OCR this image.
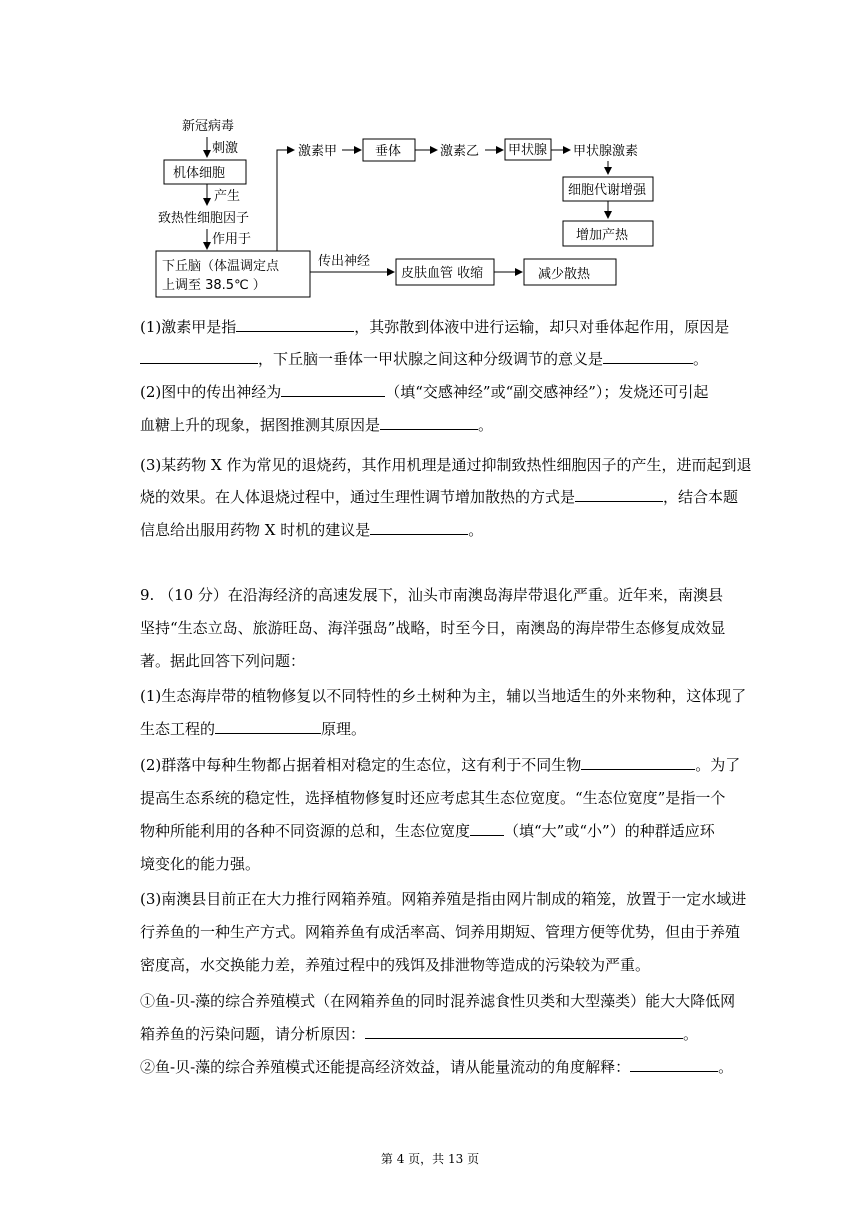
新冠病毒
刺激
机体细胞
产生
致热性细胞因子
作用于
下丘脑（体温调定点
上调至 38.5℃ ）
激素甲	垂体	激素乙 甲状腺 甲状腺激素
细胞代谢增强
增加产热
传出神经
皮肤血管 收缩	减少散热
(1)激素甲是指	，其弥散到体液中进行运输，却只对垂体起作用，原因是
，下丘脑一垂体一甲状腺之间这种分级调节的意义是	。
(2)图中的传出神经为	（填“交感神经”或“副交感神经”）；发烧还可引起
血糖上升的现象，据图推测其原因是	。
(3)某药物 X 作为常见的退烧药，其作用机理是通过抑制致热性细胞因子的产生，进而起到退
烧的效果。在人体退烧过程中，通过生理性调节增加散热的方式是	，结合本题
信息给出服用药物 X 时机的建议是	。
9. （10 分）在沿海经济的高速发展下，汕头市南澳岛海岸带退化严重。近年来，南澳县
坚持“生态立岛、旅游旺岛、海洋强岛”战略，时至今日，南澳岛的海岸带生态修复成效显
著。据此回答下列问题：
(1)生态海岸带的植物修复以不同特性的乡土树种为主，辅以当地适生的外来物种，这体现了
生态工程的	原理。
(2)群落中每种生物都占据着相对稳定的生态位，这有利于不同生物	。为了
提高生态系统的稳定性，选择植物修复时还应考虑其生态位宽度。“生态位宽度”是指一个
物种所能利用的各种不同资源的总和，生态位宽度 （填“大”或“小”）的种群适应环
境变化的能力强。
(3)南澳县目前正在大力推行网箱养殖。网箱养殖是指由网片制成的箱笼，放置于一定水域进
行养鱼的一种生产方式。网箱养鱼有成活率高、饲养用期短、管理方便等优势，但由于养殖
密度高，水交换能力差，养殖过程中的残饵及排泄物等造成的污染较为严重。
①鱼-贝-藻的综合养殖模式（在网箱养鱼的同时混养滤食性贝类和大型藻类）能大大降低网
箱养鱼的污染问题，请分析原因：	。
②鱼-贝-藻的综合养殖模式还能提高经济效益，请从能量流动的角度解释：	。
第 4 页，共 13 页
